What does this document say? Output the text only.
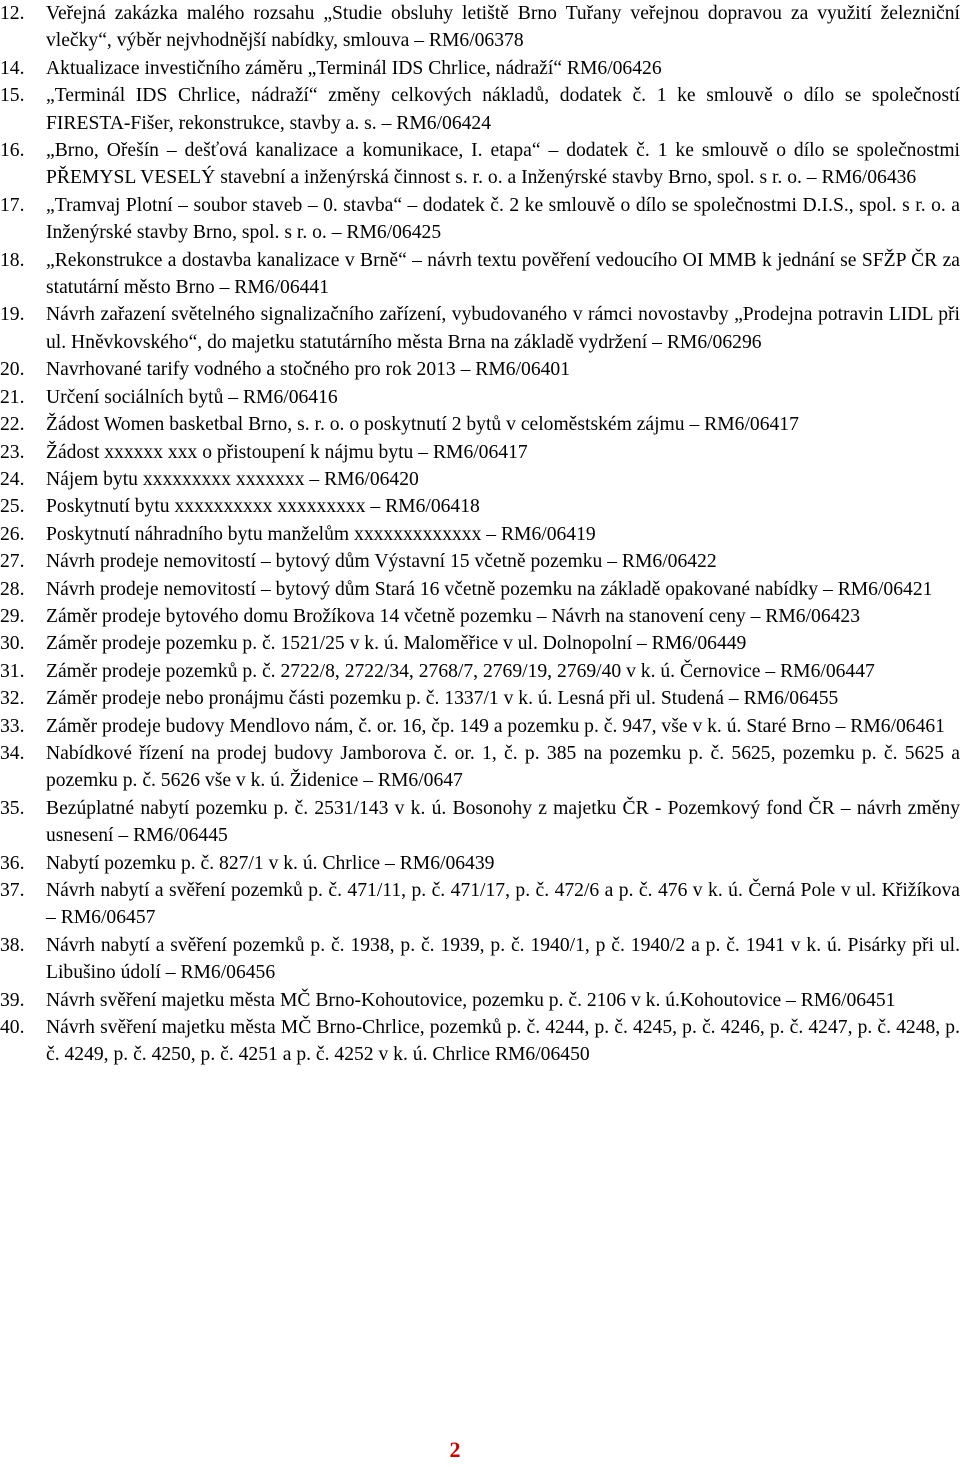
12. Veřejná zakázka malého rozsahu „Studie obsluhy letiště Brno Tuřany veřejnou dopravou za využití železniční vlečky“, výběr nejvhodnější nabídky, smlouva – RM6/06378
14. Aktualizace investičního záměru „Terminál IDS Chrlice, nádraží“ RM6/06426
15. „Terminál IDS Chrlice, nádraží“ změny celkových nákladů, dodatek č. 1 ke smlouvě o dílo se společností FIRESTA-Fišer, rekonstrukce, stavby a. s. – RM6/06424
16. „Brno, Ořešín – dešťová kanalizace a komunikace, I. etapa“ – dodatek č. 1 ke smlouvě o dílo se společnostmi PŘEMYSL VESELÝ stavební a inženýrská činnost s. r. o. a Inženýrské stavby Brno, spol. s r. o. – RM6/06436
17. „Tramvaj Plotní – soubor staveb – 0. stavba“ – dodatek č. 2 ke smlouvě o dílo se společnostmi D.I.S., spol. s r. o. a Inženýrské stavby Brno, spol. s r. o. – RM6/06425
18. „Rekonstrukce a dostavba kanalizace v Brně“ – návrh textu pověření vedoucího OI MMB k jednání se SFŽP ČR za statutární město Brno – RM6/06441
19. Návrh zařazení světelného signalizačního zařízení, vybudovaného v rámci novostavby „Prodejna potravin LIDL při ul. Hněvkovského“, do majetku statutárního města Brna na základě vydržení – RM6/06296
20. Navrhované tarify vodného a stočného pro rok 2013 – RM6/06401
21. Určení sociálních bytů – RM6/06416
22. Žádost Women basketbal Brno, s. r. o. o poskytnutí 2 bytů v celoměstském zájmu – RM6/06417
23. Žádost xxxxxx xxx o přistoupení k nájmu bytu – RM6/06417
24. Nájem bytu xxxxxxxxx xxxxxxx – RM6/06420
25. Poskytnutí bytu xxxxxxxxxx xxxxxxxxx – RM6/06418
26. Poskytnutí náhradního bytu manželům xxxxxxxxxxxxx – RM6/06419
27. Návrh prodeje nemovitostí – bytový dům Výstavní 15 včetně pozemku – RM6/06422
28. Návrh prodeje nemovitostí – bytový dům Stará 16 včetně pozemku na základě opakované nabídky – RM6/06421
29. Záměr prodeje bytového domu Brožíkova 14 včetně pozemku – Návrh na stanovení ceny – RM6/06423
30. Záměr prodeje pozemku p. č. 1521/25 v k. ú. Maloměřice v ul. Dolnopolní – RM6/06449
31. Záměr prodeje pozemků p. č. 2722/8, 2722/34, 2768/7, 2769/19, 2769/40 v k. ú. Černovice – RM6/06447
32. Záměr prodeje nebo pronájmu části pozemku p. č. 1337/1 v k. ú. Lesná při ul. Studená – RM6/06455
33. Záměr prodeje budovy Mendlovo nám, č. or. 16, čp. 149 a pozemku p. č. 947, vše v k. ú. Staré Brno – RM6/06461
34. Nabídkové řízení na prodej budovy Jamborova č. or. 1, č. p. 385 na pozemku p. č. 5625, pozemku p. č. 5625 a pozemku p. č. 5626 vše v k. ú. Židenice – RM6/0647
35. Bezúplatné nabytí pozemku p. č. 2531/143 v k. ú. Bosonohy z majetku ČR - Pozemkový fond ČR – návrh změny usnesení – RM6/06445
36. Nabytí pozemku p. č. 827/1 v k. ú. Chrlice – RM6/06439
37. Návrh nabytí a svěření pozemků p. č. 471/11, p. č. 471/17, p. č. 472/6 a p. č. 476 v k. ú. Černá Pole v ul. Křižíkova – RM6/06457
38. Návrh nabytí a svěření pozemků p. č. 1938, p. č. 1939, p. č. 1940/1, p č. 1940/2 a p. č. 1941 v k. ú. Pisárky při ul. Libušino údolí – RM6/06456
39. Návrh svěření majetku města MČ Brno-Kohoutovice, pozemku p. č. 2106 v k. ú.Kohoutovice – RM6/06451
40. Návrh svěření majetku města MČ Brno-Chrlice, pozemků p. č. 4244, p. č. 4245, p. č. 4246, p. č. 4247, p. č. 4248, p. č. 4249, p. č. 4250, p. č. 4251 a p. č. 4252 v k. ú. Chrlice RM6/06450
2
